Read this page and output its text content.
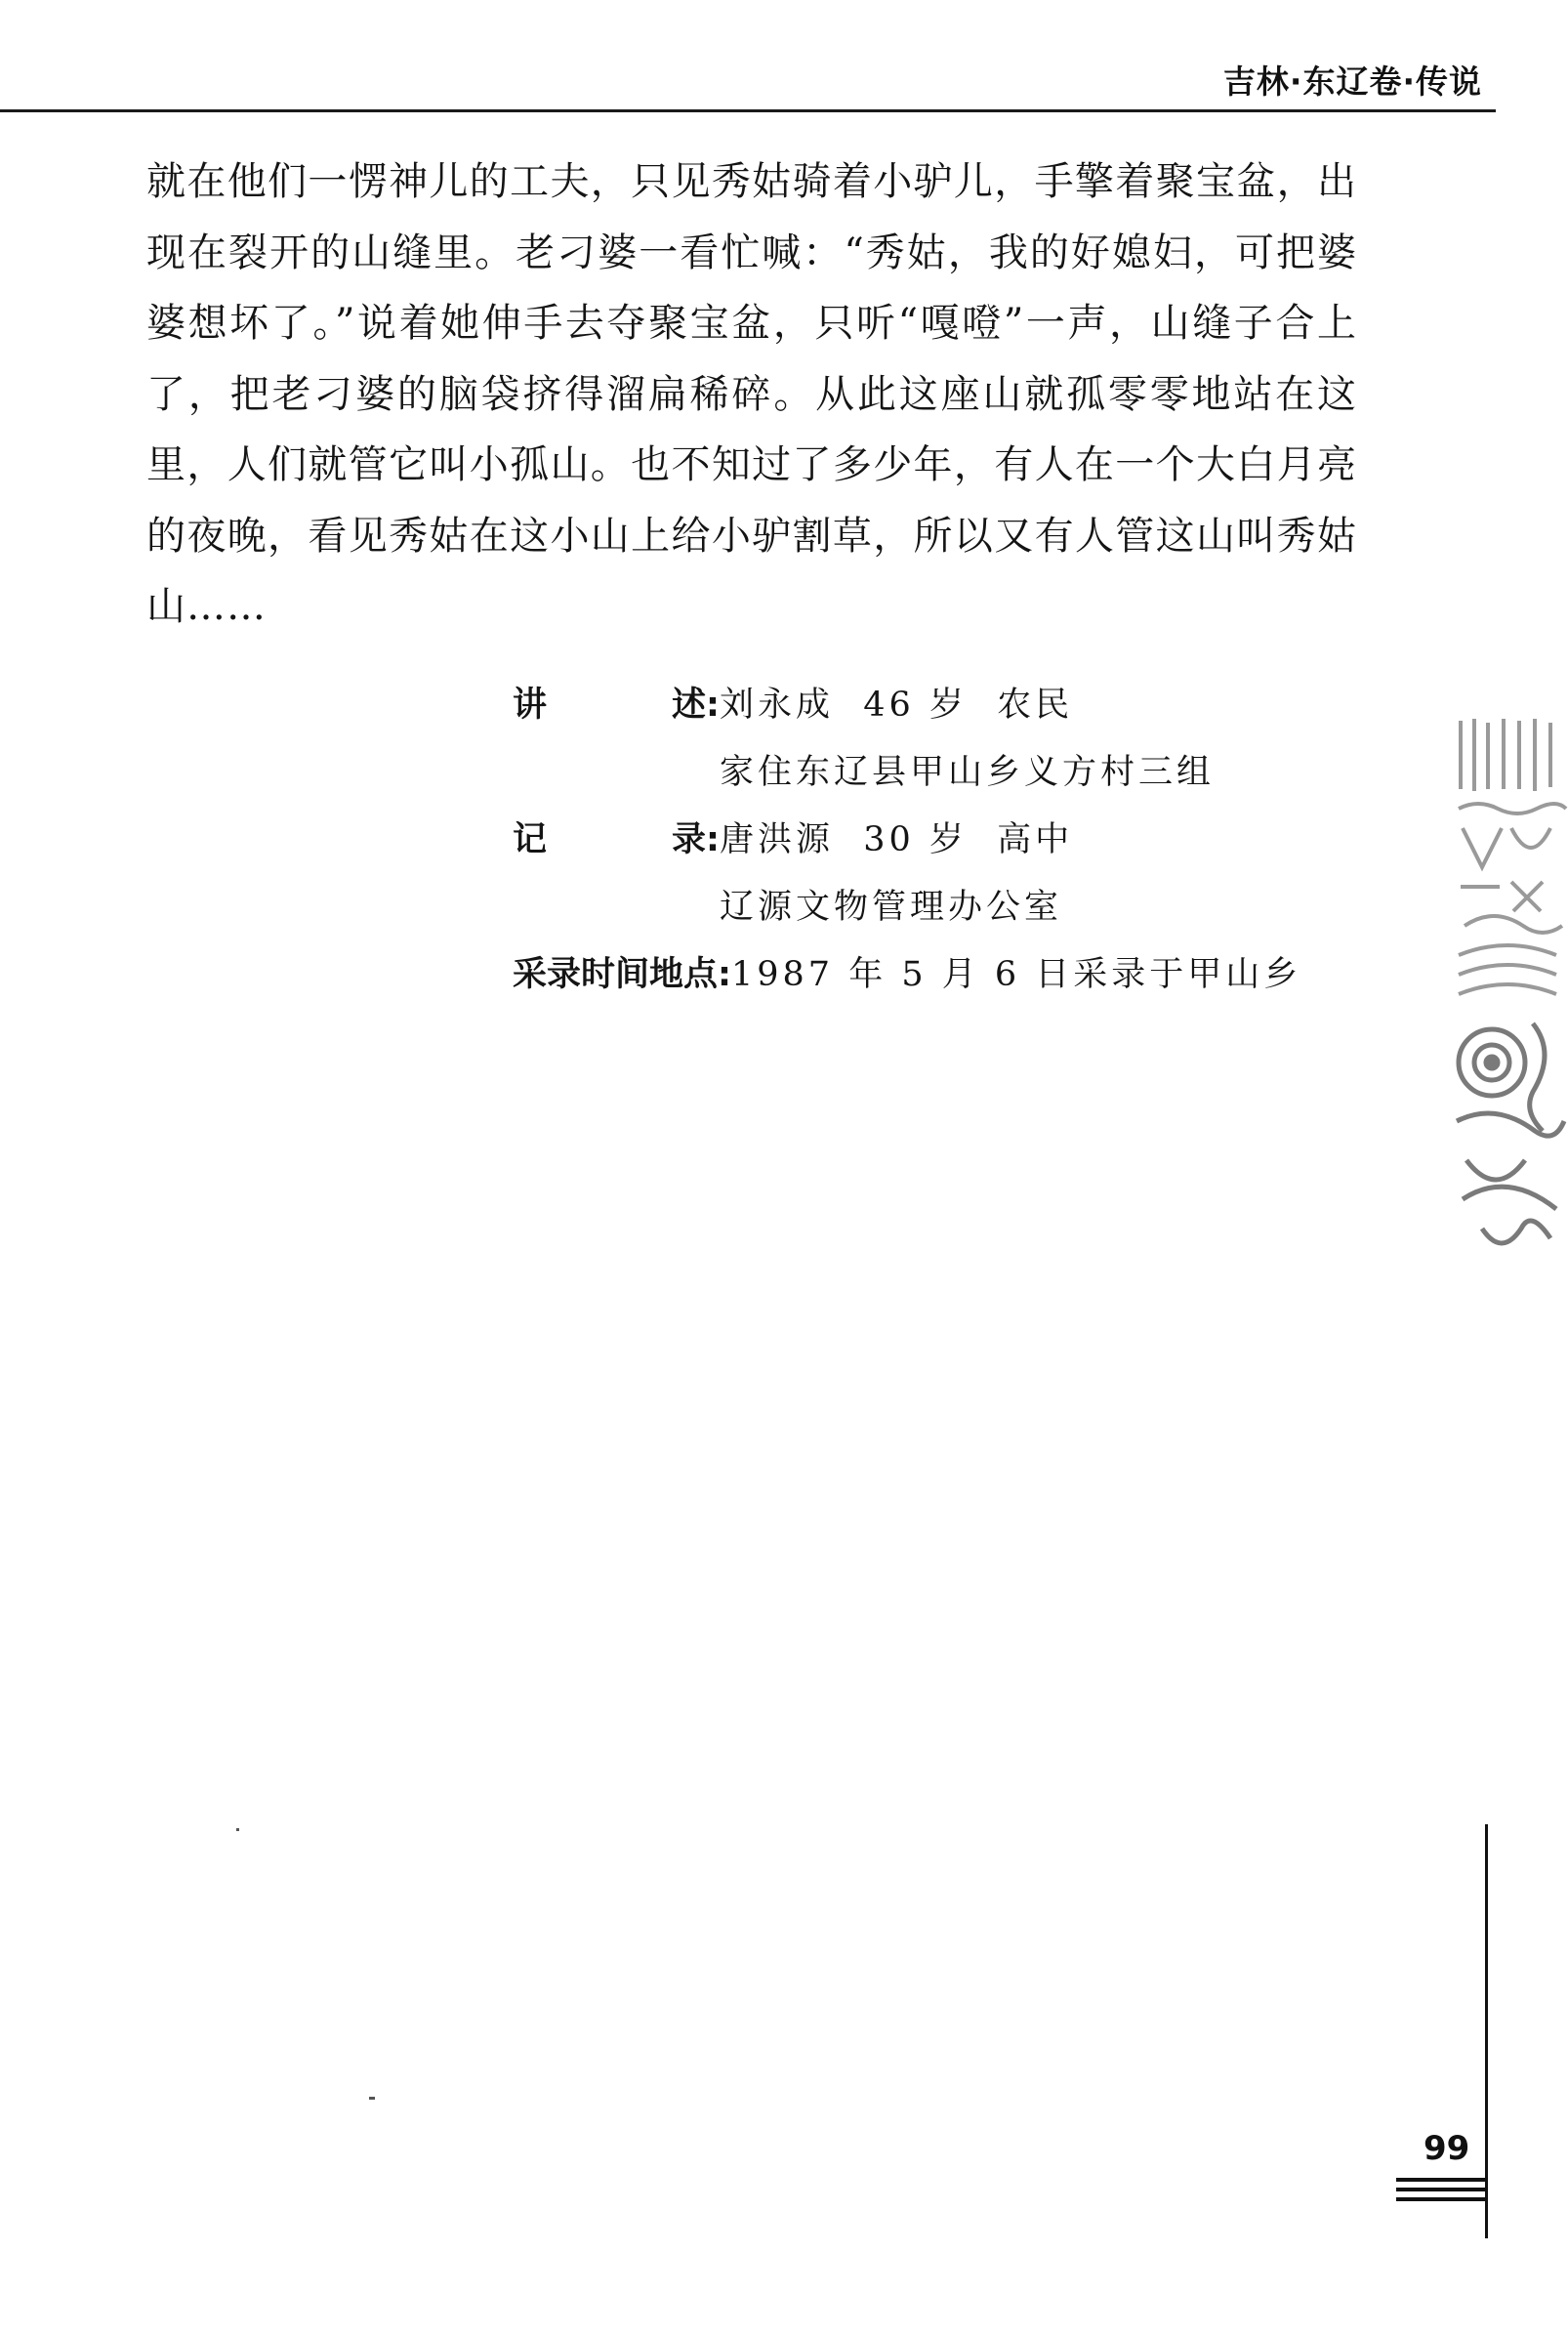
吉林·东辽卷·传说

就在他们一愣神儿的工夫，只见秀姑骑着小驴儿，手擎着聚宝盆，出现在裂开的山缝里。老刁婆一看忙喊：“秀姑，我的好媳妇，可把婆婆想坏了。”说着她伸手去夺聚宝盆，只听“嘎噔”一声，山缝子合上了，把老刁婆的脑袋挤得溜扁稀碎。从此这座山就孤零零地站在这里，人们就管它叫小孤山。也不知过了多少年，有人在一个大白月亮的夜晚，看见秀姑在这小山上给小驴割草，所以又有人管这山叫秀姑山……

讲	述: 刘永成  46 岁  农民
家住东辽县甲山乡义方村三组
记	录: 唐洪源  30 岁  高中
辽源文物管理办公室
采录时间地点: 1987 年 5 月 6 日采录于甲山乡
99
